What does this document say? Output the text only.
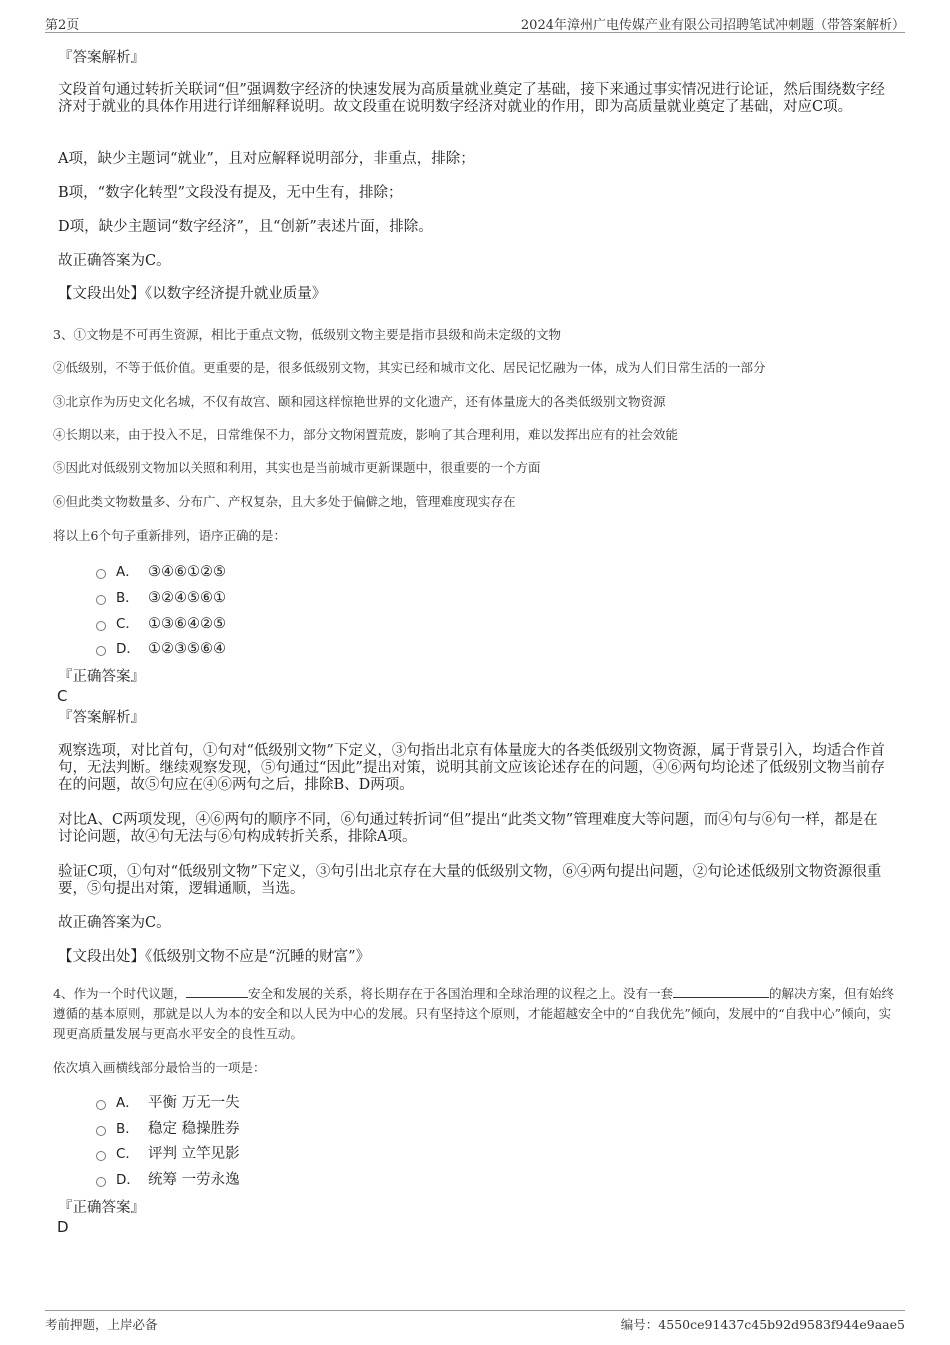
第2页	2024年漳州广电传媒产业有限公司招聘笔试冲刺题（带答案解析）
『答案解析』

文段首句通过转折关联词“但”强调数字经济的快速发展为高质量就业奠定了基础，接下来通过事实情况进行论证，然后围绕数字经济对于就业的具体作用进行详细解释说明。故文段重在说明数字经济对就业的作用，即为高质量就业奠定了基础，对应C项。

A项，缺少主题词“就业”，且对应解释说明部分，非重点，排除；

B项，“数字化转型”文段没有提及，无中生有，排除；

D项，缺少主题词“数字经济”，且“创新”表述片面，排除。

故正确答案为C。

【文段出处】《以数字经济提升就业质量》

3、①文物是不可再生资源，相比于重点文物，低级别文物主要是指市县级和尚未定级的文物

②低级别，不等于低价值。更重要的是，很多低级别文物，其实已经和城市文化、居民记忆融为一体，成为人们日常生活的一部分

③北京作为历史文化名城，不仅有故宫、颐和园这样惊艳世界的文化遗产，还有体量庞大的各类低级别文物资源

④长期以来，由于投入不足，日常维保不力，部分文物闲置荒废，影响了其合理利用，难以发挥出应有的社会效能

⑤因此对低级别文物加以关照和利用，其实也是当前城市更新课题中，很重要的一个方面

⑥但此类文物数量多、分布广、产权复杂，且大多处于偏僻之地，管理难度现实存在

将以上6个句子重新排列，语序正确的是：

A． ③④⑥①②⑤
B． ③②④⑤⑥①
C． ①③⑥④②⑤
D． ①②③⑤⑥④
『正确答案』
C
『答案解析』

观察选项，对比首句，①句对“低级别文物”下定义，③句指出北京有体量庞大的各类低级别文物资源，属于背景引入，均适合作首句，无法判断。继续观察发现，⑤句通过“因此”提出对策，说明其前文应该论述存在的问题，④⑥两句均论述了低级别文物当前存在的问题，故⑤句应在④⑥两句之后，排除B、D两项。

对比A、C两项发现，④⑥两句的顺序不同，⑥句通过转折词“但”提出“此类文物”管理难度大等问题，而④句与⑥句一样，都是在讨论问题，故④句无法与⑥句构成转折关系，排除A项。

验证C项，①句对“低级别文物”下定义，③句引出北京存在大量的低级别文物，⑥④两句提出问题，②句论述低级别文物资源很重要，⑤句提出对策，逻辑通顺，当选。

故正确答案为C。

【文段出处】《低级别文物不应是“沉睡的财富”》

4、作为一个时代议题，	安全和发展的关系，将长期存在于各国治理和全球治理的议程之上。没有一套	的解决方案，但有始终遵循的基本原则，那就是以人为本的安全和以人民为中心的发展。只有坚持这个原则，才能超越安全中的“自我优先”倾向，发展中的“自我中心”倾向，实现更高质量发展与更高水平安全的良性互动。

依次填入画横线部分最恰当的一项是：

A． 平衡 万无一失
B． 稳定 稳操胜券
C． 评判 立竿见影
D． 统筹 一劳永逸
『正确答案』
D
考前押题，上岸必备	编号：4550ce91437c45b92d9583f944e9aae5
